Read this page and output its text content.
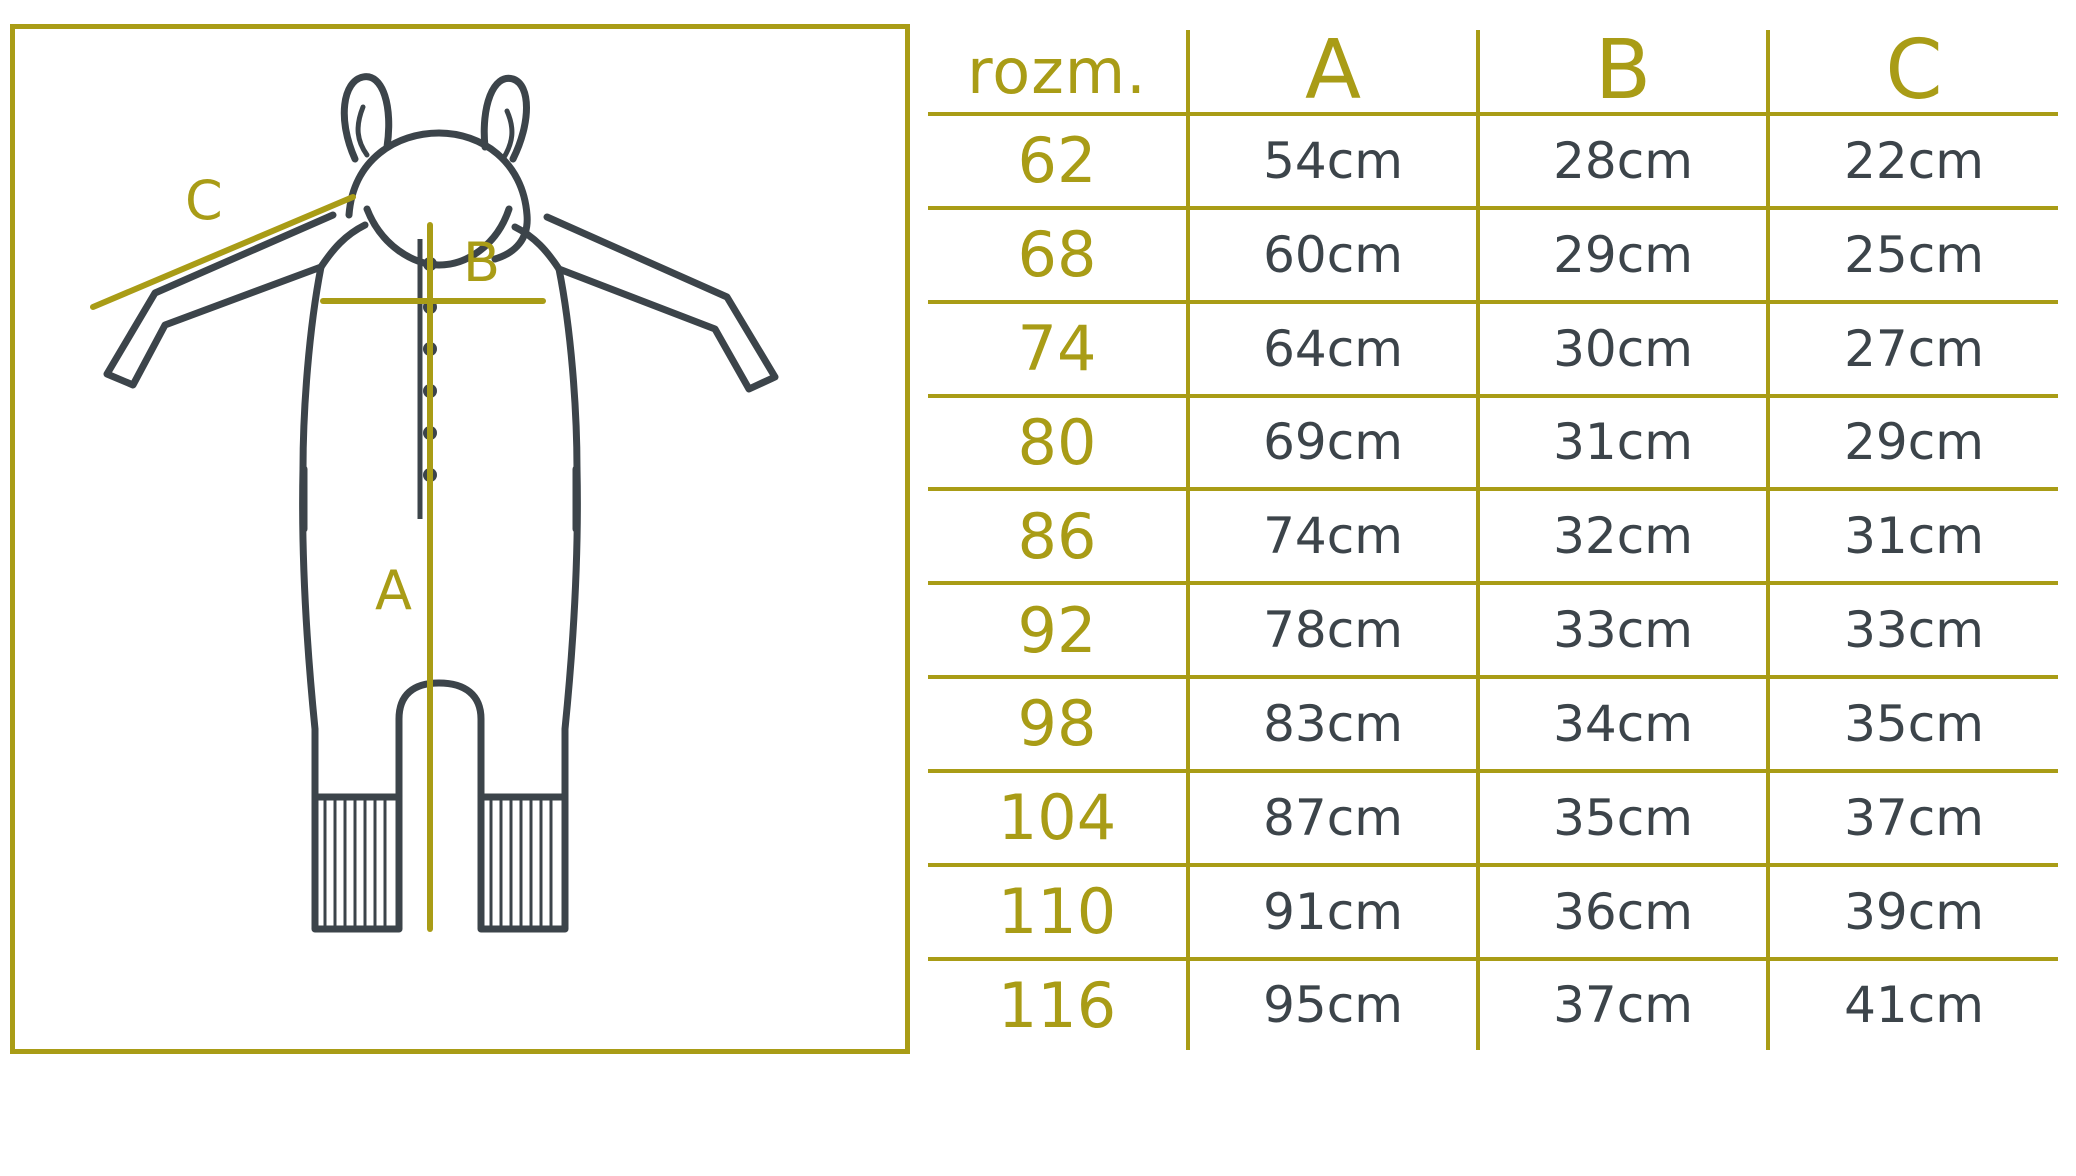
A
B
C
rozm.	A	B	C
62	54cm	28cm	22cm
68	60cm	29cm	25cm
74	64cm	30cm	27cm
80	69cm	31cm	29cm
86	74cm	32cm	31cm
92	78cm	33cm	33cm
98	83cm	34cm	35cm
104	87cm	35cm	37cm
110	91cm	36cm	39cm
116	95cm	37cm	41cm
